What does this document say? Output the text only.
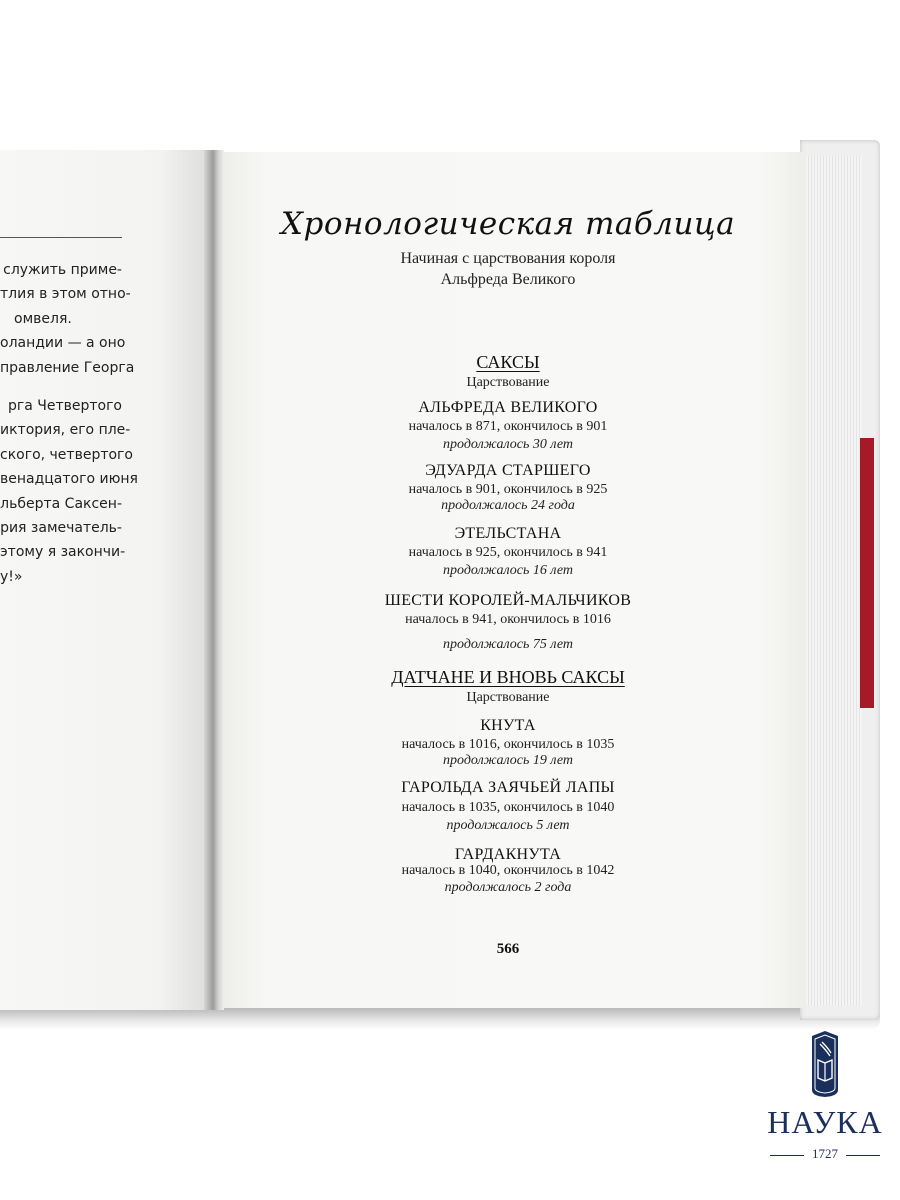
служить приме-
тлия в этом отно-
омвеля.
оландии — а оно
правление Георга
рга Четвертого
иктория, его пле-
ского, четвертого
венадцатого июня
льберта Саксен-
рия замечатель-
этому я закончи-
у!»
Хронологическая таблица
Начиная с царствования короля
Альфреда Великого
САКСЫ
Царствование
АЛЬФРЕДА ВЕЛИКОГО
началось в 871, окончилось в 901
продолжалось 30 лет
ЭДУАРДА СТАРШЕГО
началось в 901, окончилось в 925
продолжалось 24 года
ЭТЕЛЬСТАНА
началось в 925, окончилось в 941
продолжалось 16 лет
ШЕСТИ КОРОЛЕЙ-МАЛЬЧИКОВ
началось в 941, окончилось в 1016
продолжалось 75 лет
ДАТЧАНЕ И ВНОВЬ САКСЫ
Царствование
КНУТА
началось в 1016, окончилось в 1035
продолжалось 19 лет
ГАРОЛЬДА ЗАЯЧЬЕЙ ЛАПЫ
началось в 1035, окончилось в 1040
продолжалось 5 лет
ГАРДАКНУТА
началось в 1040, окончилось в 1042
продолжалось 2 года
566
НАУКА
1727
